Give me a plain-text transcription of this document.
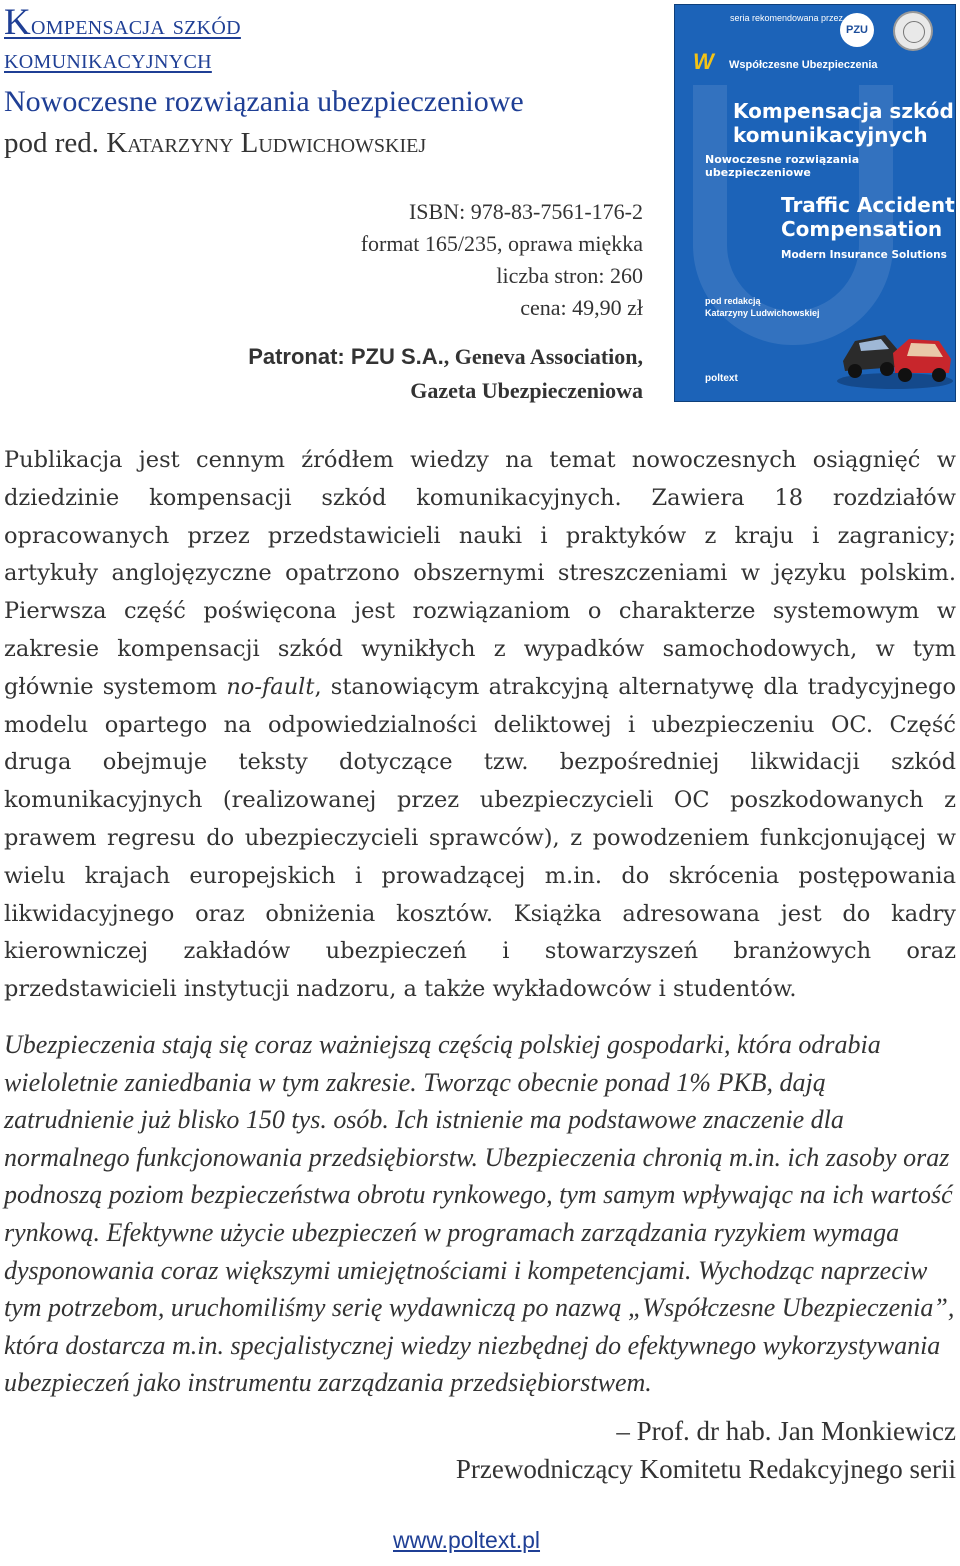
Kompensacja szkód
komunikacyjnych
Nowoczesne rozwiązania ubezpieczeniowe
pod red. Katarzyny Ludwichowskiej
ISBN: 978-83-7561-176-2
format 165/235, oprawa miękka
liczba stron: 260
cena: 49,90 zł
Patronat: PZU S.A., Geneva Association,
Gazeta Ubezpieczeniowa
seria rekomendowana przez
PZU
W Współczesne Ubezpieczenia
Kompensacja szkód
komunikacyjnych
Nowoczesne rozwiązania ubezpieczeniowe
Traffic Accident
Compensation
Modern Insurance Solutions
pod redakcją
Katarzyny Ludwichowskiej
poltext

Publikacja jest cennym źródłem wiedzy na temat nowoczesnych osiągnięć w dziedzinie kompensacji szkód komunikacyjnych. Zawiera 18 rozdziałów opracowanych przez przedstawicieli nauki i praktyków z kraju i zagranicy; artykuły anglojęzyczne opatrzono obszernymi streszczeniami w języku polskim. Pierwsza część poświęcona jest rozwiązaniom o charakterze systemowym w zakresie kompensacji szkód wynikłych z wypadków samochodowych, w tym głównie systemom no-fault, stanowiącym atrakcyjną alternatywę dla tradycyjnego modelu opartego na odpowiedzialności deliktowej i ubezpieczeniu OC. Część druga obejmuje teksty dotyczące tzw. bezpośredniej likwidacji szkód komunikacyjnych (realizowanej przez ubezpieczycieli OC poszkodowanych z prawem regresu do ubezpieczycieli sprawców), z powodzeniem funkcjonującej w wielu krajach europejskich i prowadzącej m.in. do skrócenia postępowania likwidacyjnego oraz obniżenia kosztów. Książka adresowana jest do kadry kierowniczej zakładów ubezpieczeń i stowarzyszeń branżowych oraz przedstawicieli instytucji nadzoru, a także wykładowców i studentów.

Ubezpieczenia stają się coraz ważniejszą częścią polskiej gospodarki, która odrabia wieloletnie zaniedbania w tym zakresie. Tworząc obecnie ponad 1% PKB, dają zatrudnienie już blisko 150 tys. osób. Ich istnienie ma podstawowe znaczenie dla normalnego funkcjonowania przedsiębiorstw. Ubezpieczenia chronią m.in. ich zasoby oraz podnoszą poziom bezpieczeństwa obrotu rynkowego, tym samym wpływając na ich wartość rynkową. Efektywne użycie ubezpieczeń w programach zarządzania ryzykiem wymaga dysponowania coraz większymi umiejętnościami i kompetencjami. Wychodząc naprzeciw tym potrzebom, uruchomiliśmy serię wydawniczą po nazwą „Współczesne Ubezpieczenia”, która dostarcza m.in. specjalistycznej wiedzy niezbędnej do efektywnego wykorzystywania ubezpieczeń jako instrumentu zarządzania przedsiębiorstwem.

– Prof. dr hab. Jan Monkiewicz
Przewodniczący Komitetu Redakcyjnego serii
www.poltext.pl
